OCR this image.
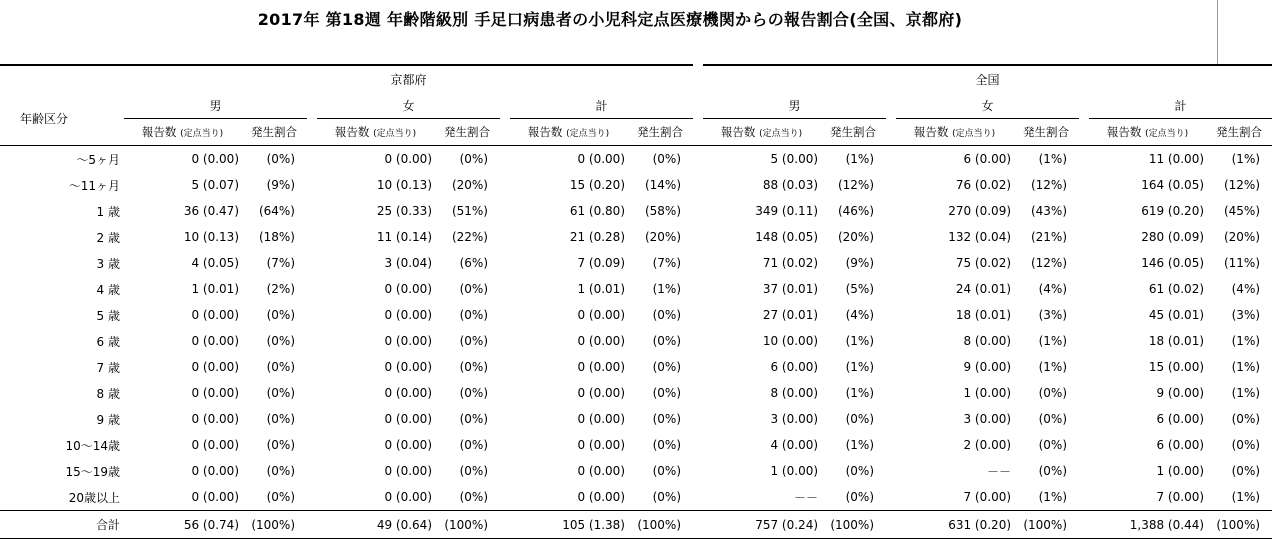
2017年 第18週 年齢階級別 手足口病患者の小児科定点医療機関からの報告割合(全国、京都府)
	京都府									全国							
年齢区分	男			女			計			男			女			計	
	報告数 (定点当り)	発生割合		報告数 (定点当り)	発生割合		報告数 (定点当り)	発生割合		報告数 (定点当り)	発生割合		報告数 (定点当り)	発生割合		報告数 (定点当り)	発生割合
～5ヶ月	0 (0.00)	(0%)		0 (0.00)	(0%)		0 (0.00)	(0%)		5 (0.00)	(1%)		6 (0.00)	(1%)		11 (0.00)	(1%)
～11ヶ月	5 (0.07)	(9%)		10 (0.13)	(20%)		15 (0.20)	(14%)		88 (0.03)	(12%)		76 (0.02)	(12%)		164 (0.05)	(12%)
1 歳	36 (0.47)	(64%)		25 (0.33)	(51%)		61 (0.80)	(58%)		349 (0.11)	(46%)		270 (0.09)	(43%)		619 (0.20)	(45%)
2 歳	10 (0.13)	(18%)		11 (0.14)	(22%)		21 (0.28)	(20%)		148 (0.05)	(20%)		132 (0.04)	(21%)		280 (0.09)	(20%)
3 歳	4 (0.05)	(7%)		3 (0.04)	(6%)		7 (0.09)	(7%)		71 (0.02)	(9%)		75 (0.02)	(12%)		146 (0.05)	(11%)
4 歳	1 (0.01)	(2%)		0 (0.00)	(0%)		1 (0.01)	(1%)		37 (0.01)	(5%)		24 (0.01)	(4%)		61 (0.02)	(4%)
5 歳	0 (0.00)	(0%)		0 (0.00)	(0%)		0 (0.00)	(0%)		27 (0.01)	(4%)		18 (0.01)	(3%)		45 (0.01)	(3%)
6 歳	0 (0.00)	(0%)		0 (0.00)	(0%)		0 (0.00)	(0%)		10 (0.00)	(1%)		8 (0.00)	(1%)		18 (0.01)	(1%)
7 歳	0 (0.00)	(0%)		0 (0.00)	(0%)		0 (0.00)	(0%)		6 (0.00)	(1%)		9 (0.00)	(1%)		15 (0.00)	(1%)
8 歳	0 (0.00)	(0%)		0 (0.00)	(0%)		0 (0.00)	(0%)		8 (0.00)	(1%)		1 (0.00)	(0%)		9 (0.00)	(1%)
9 歳	0 (0.00)	(0%)		0 (0.00)	(0%)		0 (0.00)	(0%)		3 (0.00)	(0%)		3 (0.00)	(0%)		6 (0.00)	(0%)
10～14歳	0 (0.00)	(0%)		0 (0.00)	(0%)		0 (0.00)	(0%)		4 (0.00)	(1%)		2 (0.00)	(0%)		6 (0.00)	(0%)
15～19歳	0 (0.00)	(0%)		0 (0.00)	(0%)		0 (0.00)	(0%)		1 (0.00)	(0%)		－－	(0%)		1 (0.00)	(0%)
20歳以上	0 (0.00)	(0%)		0 (0.00)	(0%)		0 (0.00)	(0%)		－－	(0%)		7 (0.00)	(1%)		7 (0.00)	(1%)
合計	56 (0.74)	(100%)		49 (0.64)	(100%)		105 (1.38)	(100%)		757 (0.24)	(100%)		631 (0.20)	(100%)		1,388 (0.44)	(100%)
